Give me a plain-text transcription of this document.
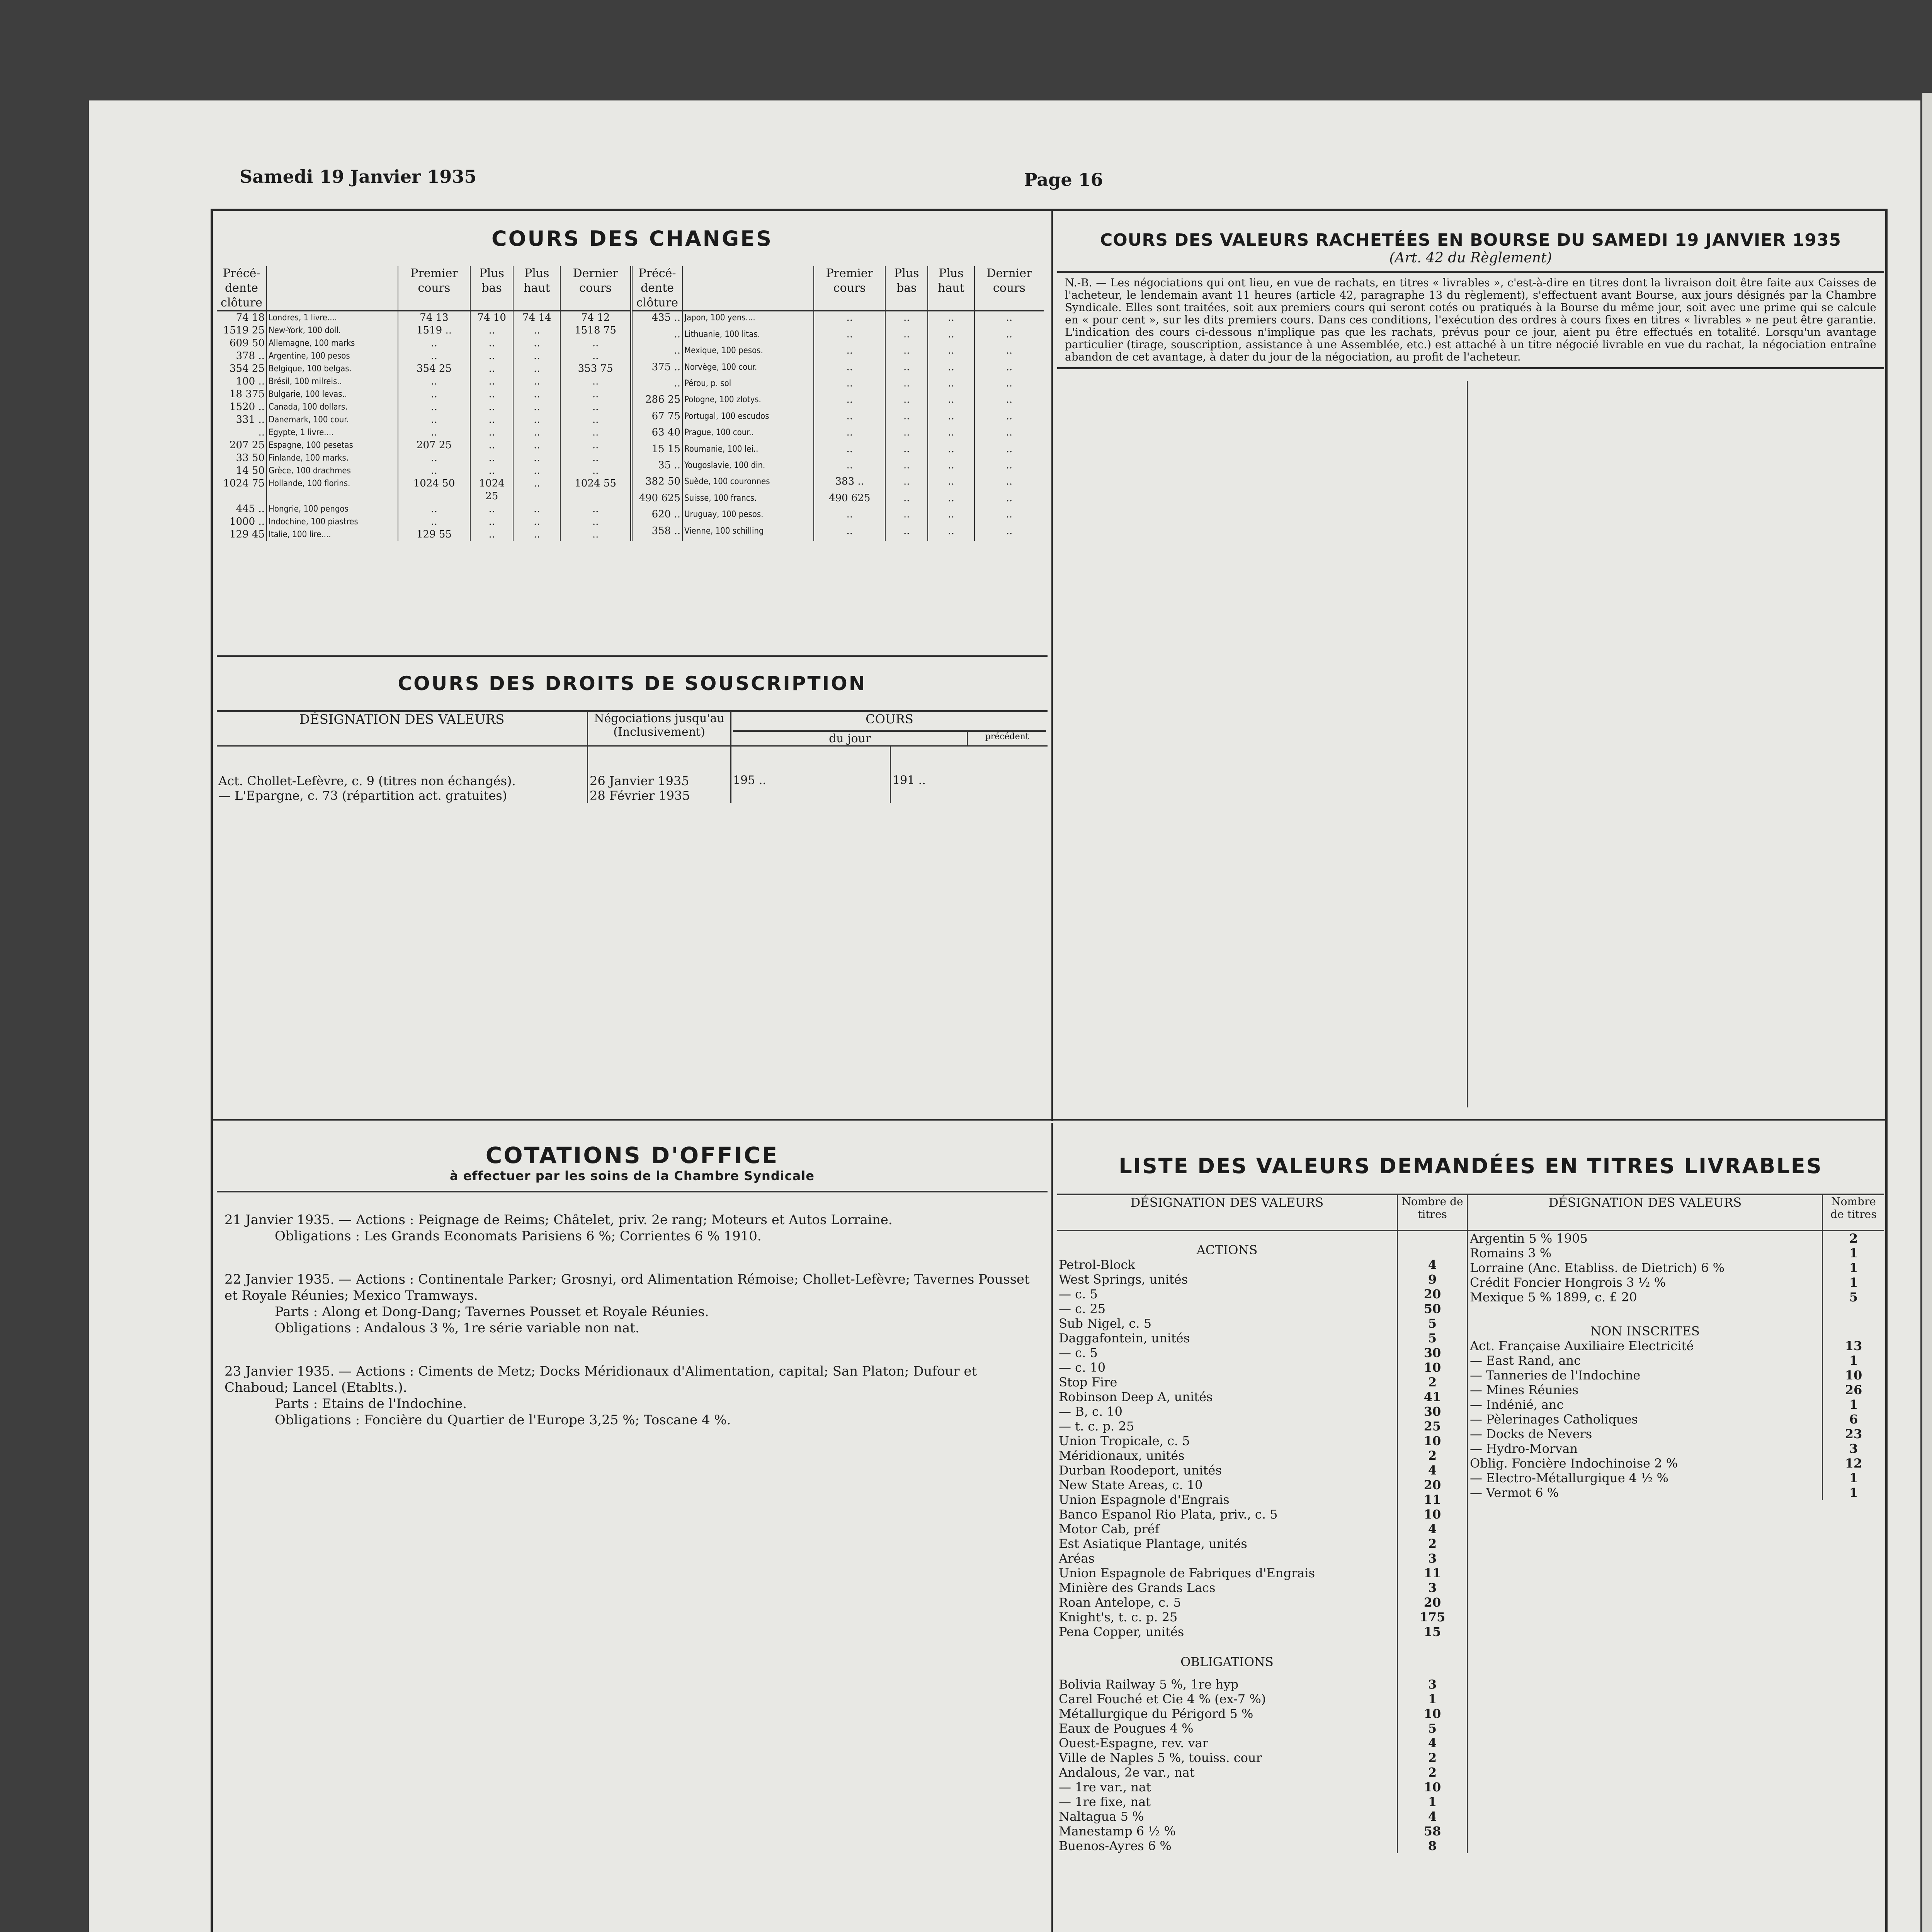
Samedi 19 Janvier 1935	Page 16
COURS DES CHANGES
Précé-dente clôture		Premier cours	Plus bas	Plus haut	Dernier cours
74 18	Londres, 1 livre....	74 13	74 10	74 14	74 12
1519 25	New-York, 100 doll.	1519 ..	..	..	1518 75
609 50	Allemagne, 100 marks	..	..	..	..
378 ..	Argentine, 100 pesos	..	..	..	..
354 25	Belgique, 100 belgas.	354 25	..	..	353 75
100 ..	Brésil, 100 milreis..	..	..	..	..
18 375	Bulgarie, 100 levas..	..	..	..	..
1520 ..	Canada, 100 dollars.	..	..	..	..
331 ..	Danemark, 100 cour.	..	..	..	..
..	Egypte, 1 livre....	..	..	..	..
207 25	Espagne, 100 pesetas	207 25	..	..	..
33 50	Finlande, 100 marks.	..	..	..	..
14 50	Grèce, 100 drachmes	..	..	..	..
1024 75	Hollande, 100 florins.	1024 50	1024 25	..	1024 55
445 ..	Hongrie, 100 pengos	..	..	..	..
1000 ..	Indochine, 100 piastres	..	..	..	..
129 45	Italie, 100 lire....	129 55	..	..	..
Précé-dente clôture		Premier cours	Plus bas	Plus haut	Dernier cours
435 ..	Japon, 100 yens....	..	..	..	..
..	Lithuanie, 100 litas.	..	..	..	..
..	Mexique, 100 pesos.	..	..	..	..
375 ..	Norvège, 100 cour.	..	..	..	..
..	Pérou, p. sol	..	..	..	..
286 25	Pologne, 100 zlotys.	..	..	..	..
67 75	Portugal, 100 escudos	..	..	..	..
63 40	Prague, 100 cour..	..	..	..	..
15 15	Roumanie, 100 lei..	..	..	..	..
35 ..	Yougoslavie, 100 din.	..	..	..	..
382 50	Suède, 100 couronnes	383 ..	..	..	..
490 625	Suisse, 100 francs.	490 625	..	..	..
620 ..	Uruguay, 100 pesos.	..	..	..	..
358 ..	Vienne, 100 schilling	..	..	..	..
COURS DES DROITS DE SOUSCRIPTION
DÉSIGNATION DES VALEURS	Négociations jusqu'au (Inclusivement)	COURS
du jour précédent	

Act. Chollet-Lefèvre, c. 9 (titres non échangés).	26 Janvier 1935	195 ..	191 ..
— L'Epargne, c. 73 (répartition act. gratuites)	28 Février 1935		
COURS DES VALEURS RACHETÉES EN BOURSE DU SAMEDI 19 JANVIER 1935
(Art. 42 du Règlement)
N.-B. — Les négociations qui ont lieu, en vue de rachats, en titres « livrables », c'est-à-dire en titres dont la livraison doit être faite aux Caisses de l'acheteur, le lendemain avant 11 heures (article 42, paragraphe 13 du règlement), s'effectuent avant Bourse, aux jours désignés par la Chambre Syndicale. Elles sont traitées, soit aux premiers cours qui seront cotés ou pratiqués à la Bourse du même jour, soit avec une prime qui se calcule en « pour cent », sur les dits premiers cours. Dans ces conditions, l'exécution des ordres à cours fixes en titres « livrables » ne peut être garantie. L'indication des cours ci-dessous n'implique pas que les rachats, prévus pour ce jour, aient pu être effectués en totalité. Lorsqu'un avantage particulier (tirage, souscription, assistance à une Assemblée, etc.) est attaché à un titre négocié livrable en vue du rachat, la négociation entraîne abandon de cet avantage, à dater du jour de la négociation, au profit de l'acheteur.
COTATIONS D'OFFICE
à effectuer par les soins de la Chambre Syndicale

21 Janvier 1935. — Actions : Peignage de Reims; Châtelet, priv. 2e rang; Moteurs et Autos Lorraine.

Obligations : Les Grands Economats Parisiens 6 %; Corrientes 6 % 1910.

22 Janvier 1935. — Actions : Continentale Parker; Grosnyi, ord Alimentation Rémoise; Chollet-Lefèvre; Tavernes Pousset et Royale Réunies; Mexico Tramways.

Parts : Along et Dong-Dang; Tavernes Pousset et Royale Réunies.

Obligations : Andalous 3 %, 1re série variable non nat.

23 Janvier 1935. — Actions : Ciments de Metz; Docks Méridionaux d'Alimentation, capital; San Platon; Dufour et Chaboud; Lancel (Etablts.).

Parts : Etains de l'Indochine.

Obligations : Foncière du Quartier de l'Europe 3,25 %; Toscane 4 %.

LISTE DES VALEURS DEMANDÉES EN TITRES LIVRABLES
DÉSIGNATION DES VALEURS	Nombre de titres
ACTIONS	
Petrol-Block	4
West Springs, unités	9
— c. 5	20
— c. 25	50
Sub Nigel, c. 5	5
Daggafontein, unités	5
— c. 5	30
— c. 10	10
Stop Fire	2
Robinson Deep A, unités	41
— B, c. 10	30
— t. c. p. 25	25
Union Tropicale, c. 5	10
Méridionaux, unités	2
Durban Roodeport, unités	4
New State Areas, c. 10	20
Union Espagnole d'Engrais	11
Banco Espanol Rio Plata, priv., c. 5	10
Motor Cab, préf	4
Est Asiatique Plantage, unités	2
Aréas	3
Union Espagnole de Fabriques d'Engrais	11
Minière des Grands Lacs	3
Roan Antelope, c. 5	20
Knight's, t. c. p. 25	175
Pena Copper, unités	15
OBLIGATIONS	
Bolivia Railway 5 %, 1re hyp	3
Carel Fouché et Cie 4 % (ex-7 %)	1
Métallurgique du Périgord 5 %	10
Eaux de Pougues 4 %	5
Ouest-Espagne, rev. var	4
Ville de Naples 5 %, touiss. cour	2
Andalous, 2e var., nat	2
— 1re var., nat	10
— 1re fixe, nat	1
Naltagua 5 %	4
Manestamp 6 ½ %	58
Buenos-Ayres 6 %	8
DÉSIGNATION DES VALEURS	Nombre de titres
Argentin 5 % 1905	2
Romains 3 %	1
Lorraine (Anc. Etabliss. de Dietrich) 6 %	1
Crédit Foncier Hongrois 3 ½ %	1
Mexique 5 % 1899, c. £ 20	5
NON INSCRITES	
Act. Française Auxiliaire Electricité	13
— East Rand, anc	1
— Tanneries de l'Indochine	10
— Mines Réunies	26
— Indénié, anc	1
— Pèlerinages Catholiques	6
— Docks de Nevers	23
— Hydro-Morvan	3
Oblig. Foncière Indochinoise 2 %	12
— Electro-Métallurgique 4 ½ %	1
— Vermot 6 %	1
